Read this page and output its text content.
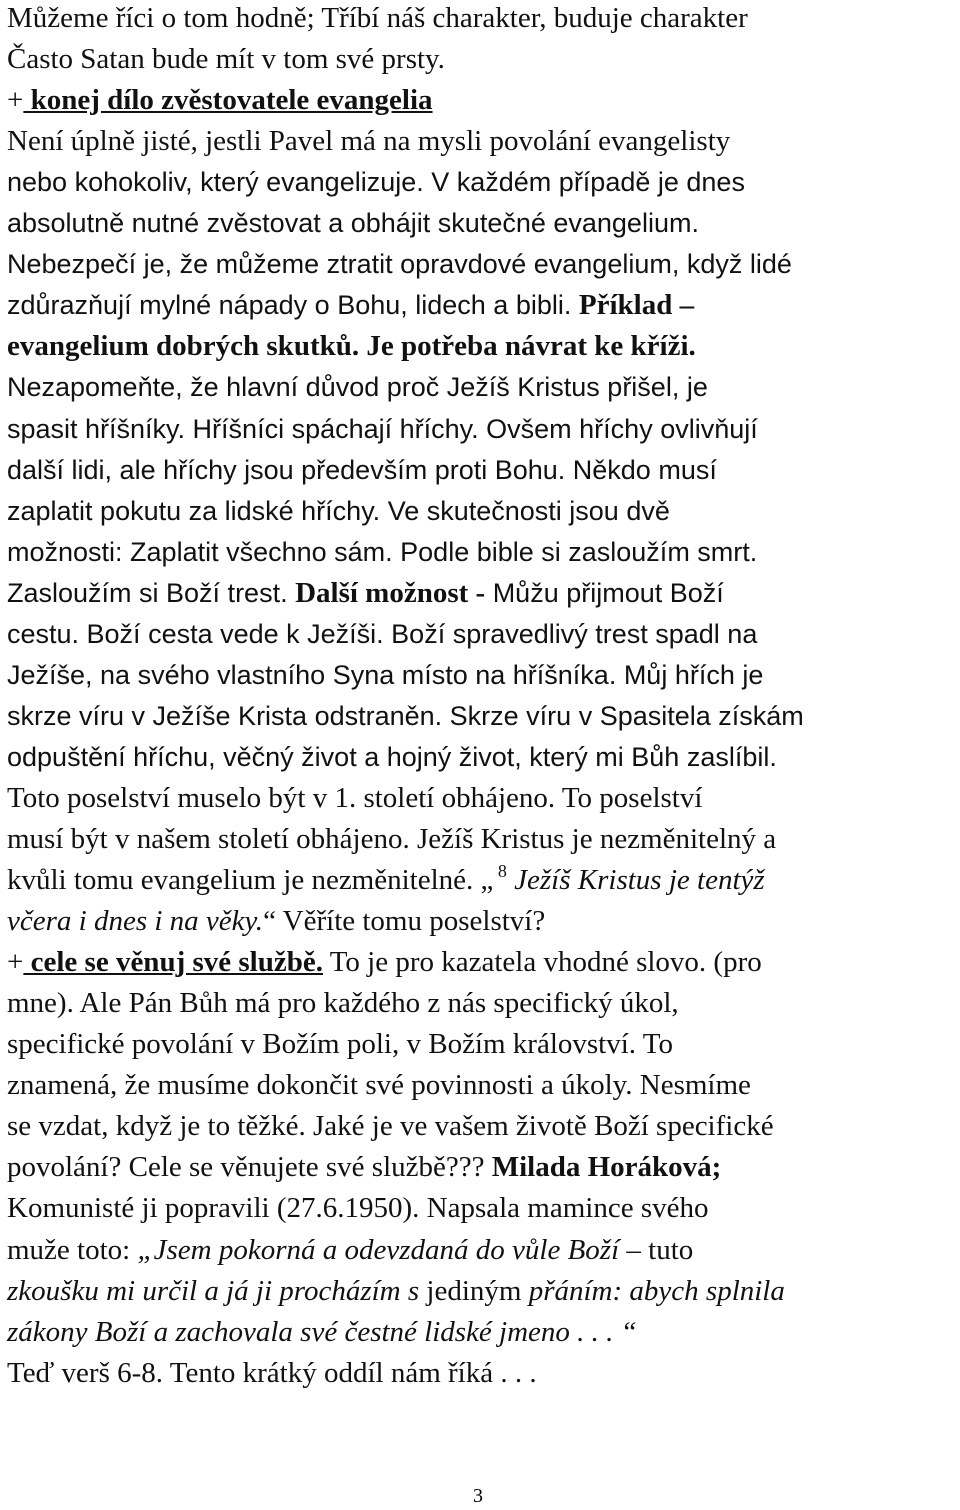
Můžeme říci o tom hodně; Tříbí náš charakter, buduje charakter
Často Satan bude mít v tom své prsty.
+ konej dílo zvěstovatele evangelia
Není úplně jisté, jestli Pavel má na mysli povolání evangelisty
nebo kohokoliv, který evangelizuje. V každém případě je dnes
absolutně nutné zvěstovat a obhájit skutečné evangelium.
Nebezpečí je, že můžeme ztratit opravdové evangelium, když lidé
zdůrazňují mylné nápady o Bohu, lidech a bibli. Příklad –
evangelium dobrých skutků. Je potřeba návrat ke kříži.
Nezapomeňte, že hlavní důvod proč Ježíš Kristus přišel, je
spasit hříšníky. Hříšníci spáchají hříchy. Ovšem hříchy ovlivňují
další lidi, ale hříchy jsou především proti Bohu. Někdo musí
zaplatit pokutu za lidské hříchy. Ve skutečnosti jsou dvě
možnosti: Zaplatit všechno sám. Podle bible si zasloužím smrt.
Zasloužím si Boží trest. Další možnost - Můžu přijmout Boží
cestu. Boží cesta vede k Ježíši. Boží spravedlivý trest spadl na
Ježíše, na svého vlastního Syna místo na hříšníka. Můj hřích je
skrze víru v Ježíše Krista odstraněn. Skrze víru v Spasitela získám
odpuštění hříchu, věčný život a hojný život, který mi Bůh zaslíbil.
Toto poselství muselo být v 1. století obhájeno. To poselství
musí být v našem století obhájeno. Ježíš Kristus je nezměnitelný a
kvůli tomu evangelium je nezměnitelné. „ $^8$ Ježíš Kristus je tentýž
včera i dnes i na věky.“ Věříte tomu poselství?
+ cele se věnuj své službě. To je pro kazatela vhodné slovo. (pro
mne). Ale Pán Bůh má pro každého z nás specifický úkol,
specifické povolání v Božím poli, v Božím království. To
znamená, že musíme dokončit své povinnosti a úkoly. Nesmíme
se vzdat, když je to těžké. Jaké je ve vašem životě Boží specifické
povolání? Cele se věnujete své službě??? Milada Horáková;
Komunisté ji popravili (27.6.1950). Napsala mamince svého
muže toto: „Jsem pokorná a odevzdaná do vůle Boží – tuto
zkoušku mi určil a já ji procházím s jediným přáním: abych splnila
zákony Boží a zachovala své čestné lidské jmeno . . . “
Teď verš 6-8. Tento krátký oddíl nám říká . . .
3
